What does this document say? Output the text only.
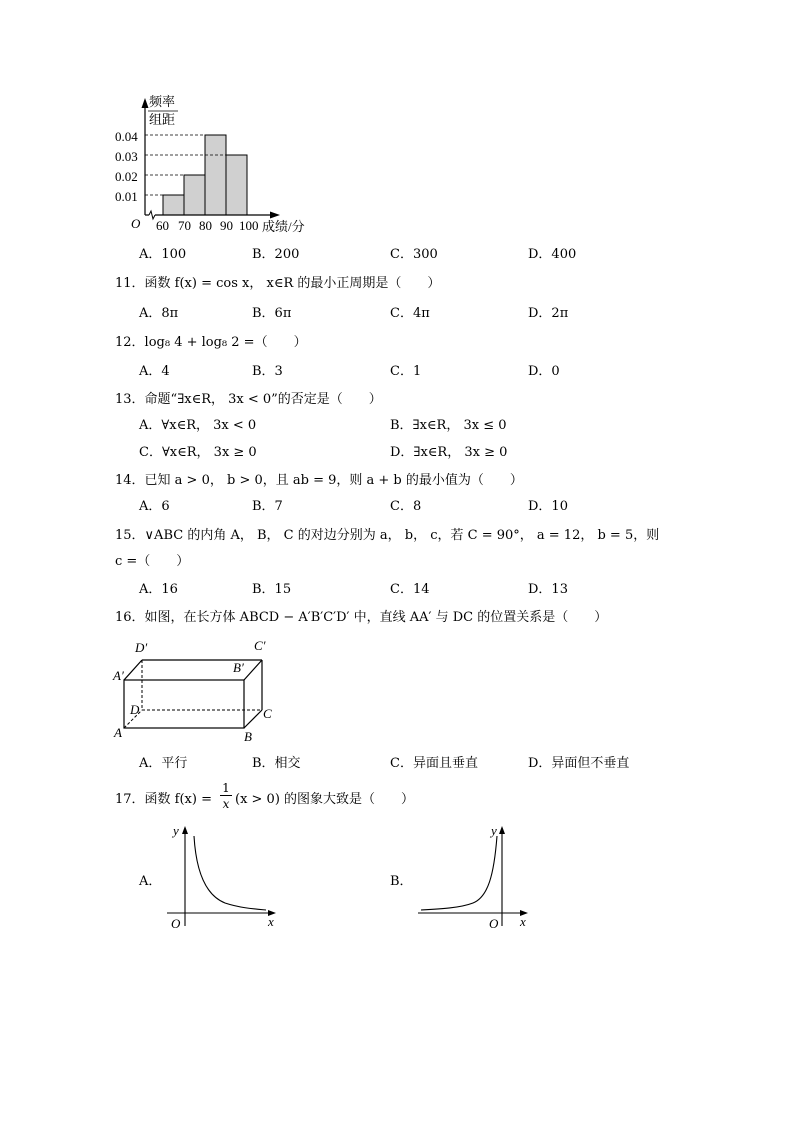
频率
组距
0.04
0.03
0.02
0.01
O 60 70 80 90 100 成绩/分
A．100	B．200	C．300	D．400
11．函数 f(x) = cos x， x∈R 的最小正周期是（　　）
A．8π	B．6π	C．4π	D．2π
12．log₈ 4 + log₈ 2 =（　　）
A．4	B．3	C．1	D．0
13．命题“∃x∈R， 3x < 0”的否定是（　　）
A．∀x∈R， 3x < 0	B．∃x∈R， 3x ≤ 0
C．∀x∈R， 3x ≥ 0	D．∃x∈R， 3x ≥ 0
14．已知 a > 0， b > 0，且 ab = 9，则 a + b 的最小值为（　　）
A．6	B．7	C．8	D．10
15．∨ABC 的内角 A， B， C 的对边分别为 a， b， c，若 C = 90°， a = 12， b = 5，则
c =（　　）
A．16	B．15	C．14	D．13
16．如图，在长方体 ABCD − A′B′C′D′ 中，直线 AA′ 与 DC 的位置关系是（　　）
D′	C′
B′
A′
D	C
A	B
A．平行	B．相交	C．异面且垂直	D．异面但不垂直
17．函数 f(x) =
1
x (x > 0) 的图象大致是（　　）
y
x
O
y
x
O
A．	B．
